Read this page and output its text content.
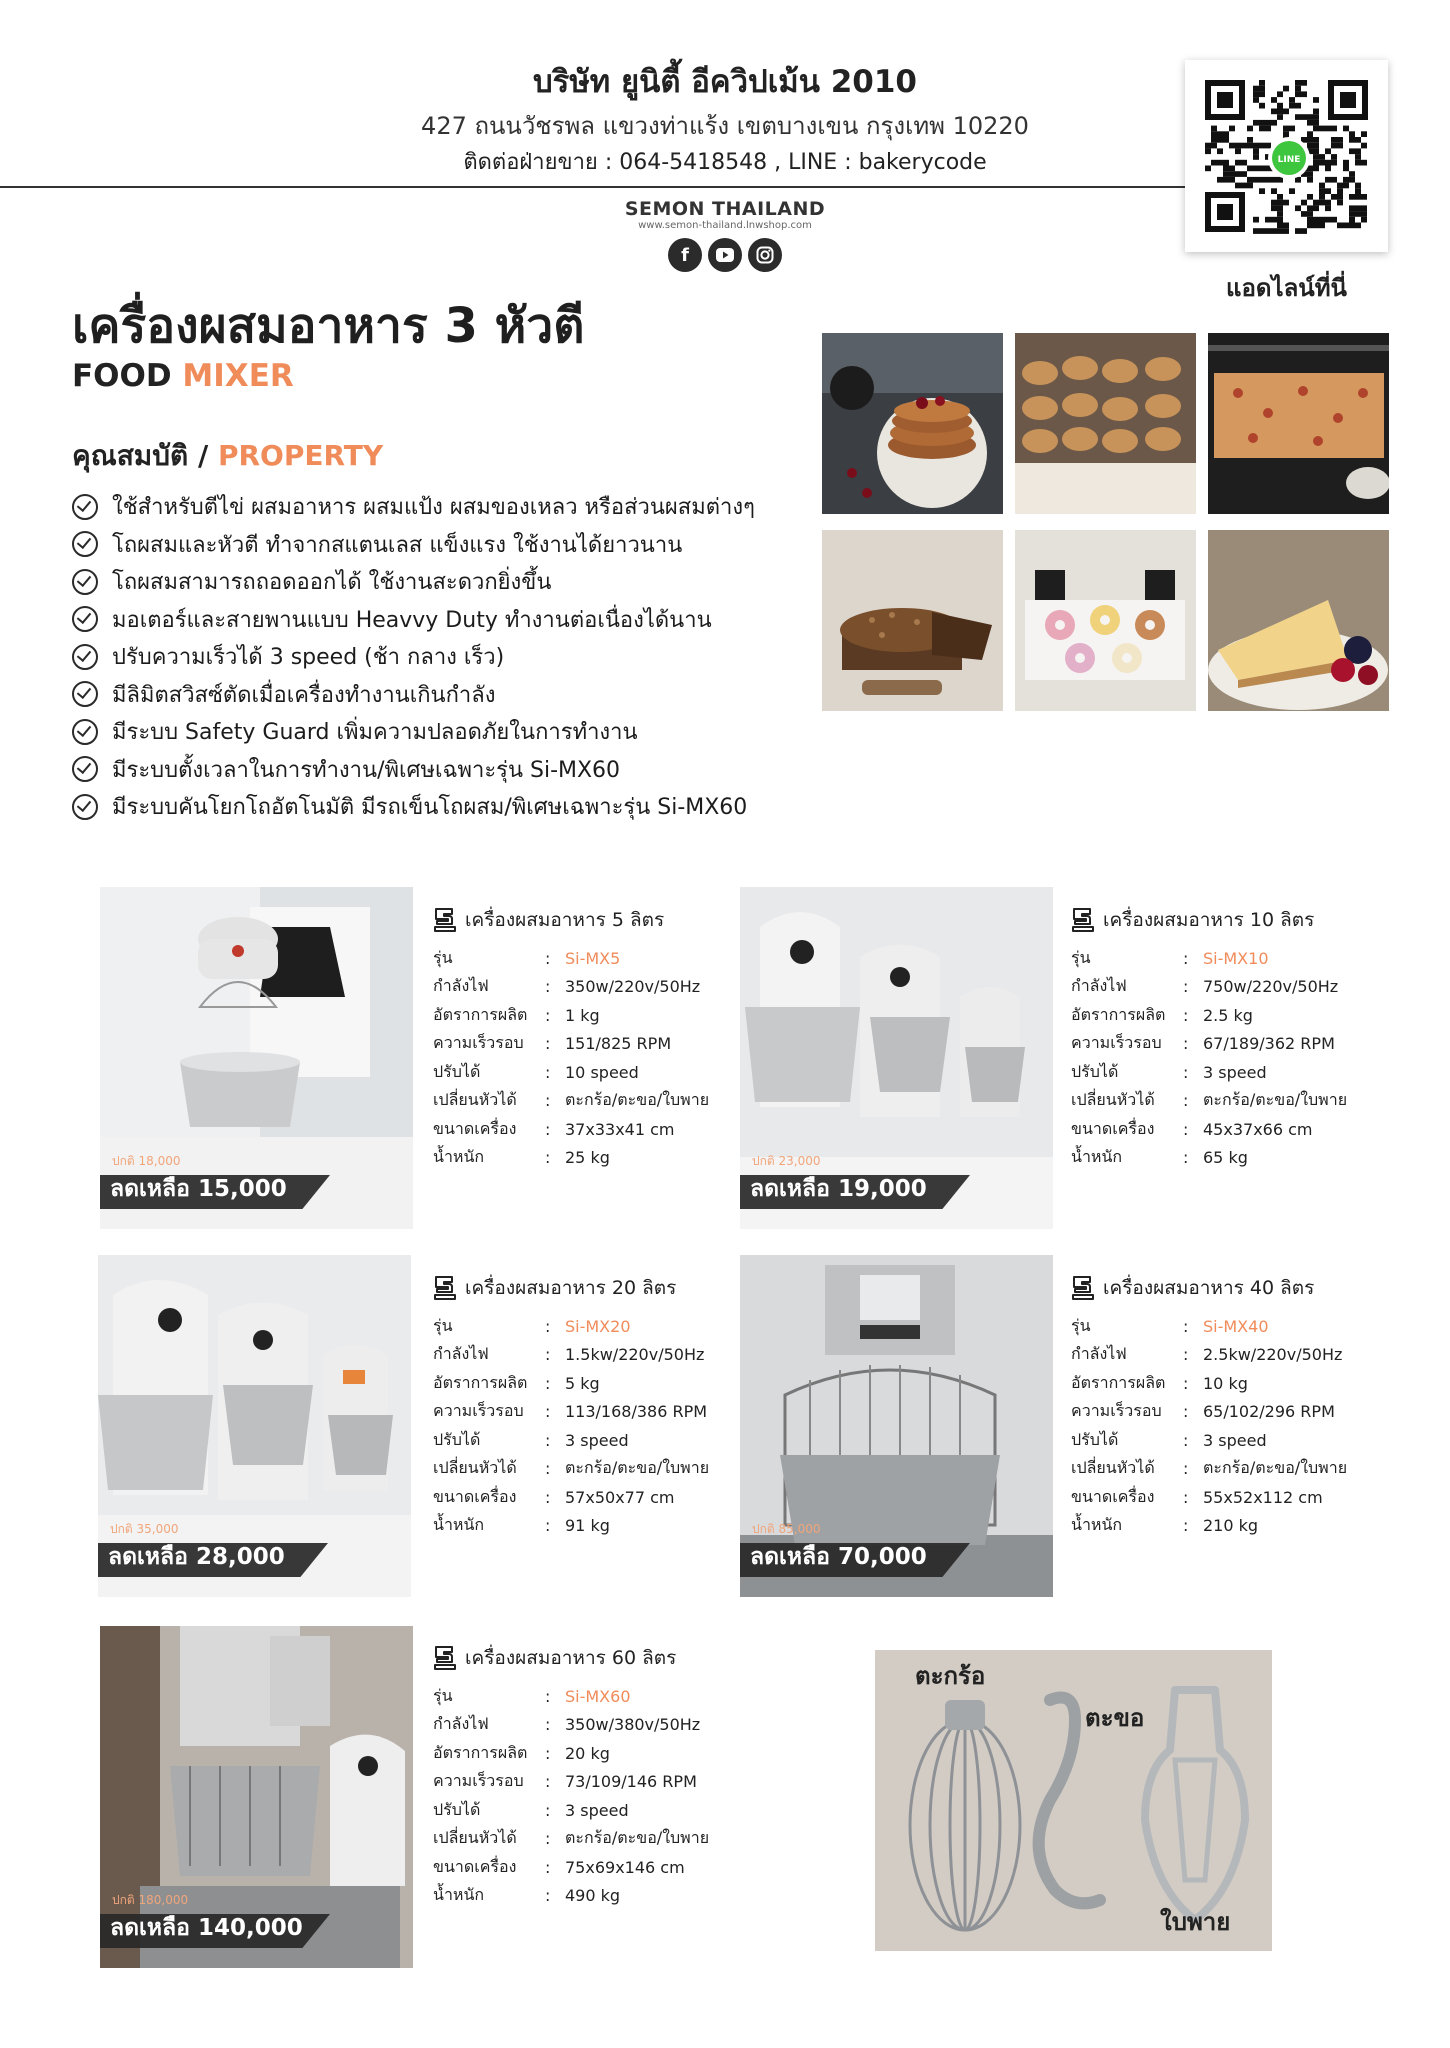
บริษัท ยูนิตี้ อีควิปเม้น 2010
427 ถนนวัชรพล แขวงท่าแร้ง เขตบางเขน กรุงเทพ 10220
ติดต่อฝ่ายขาย : 064-5418548 , LINE : bakerycode
SEMON THAILAND
www.semon-thailand.lnwshop.com
f
LINE
แอดไลน์ที่นี่
เครื่องผสมอาหาร 3 หัวตี
FOOD MIXER
คุณสมบัติ / PROPERTY
ใช้สำหรับตีไข่ ผสมอาหาร ผสมแป้ง ผสมของเหลว หรือส่วนผสมต่างๆ
โถผสมและหัวตี ทำจากสแตนเลส แข็งแรง ใช้งานได้ยาวนาน
โถผสมสามารถถอดออกได้ ใช้งานสะดวกยิ่งขึ้น
มอเตอร์และสายพานแบบ Heavvy Duty ทำงานต่อเนื่องได้นาน
ปรับความเร็วได้ 3 speed (ช้า กลาง เร็ว)
มีลิมิตสวิสซ์ตัดเมื่อเครื่องทำงานเกินกำลัง
มีระบบ Safety Guard เพิ่มความปลอดภัยในการทำงาน
มีระบบตั้งเวลาในการทำงาน/พิเศษเฉพาะรุ่น Si-MX60
มีระบบคันโยกโถอัตโนมัติ มีรถเข็นโถผสม/พิเศษเฉพาะรุ่น Si-MX60
ปกติ 18,000
ลดเหลือ 15,000
เครื่องผสมอาหาร 5 ลิตร
รุ่น	: Si-MX5
กำลังไฟ	: 350w/220v/50Hz
อัตราการผลิต	: 1 kg
ความเร็วรอบ	: 151/825 RPM
ปรับได้	: 10 speed
เปลี่ยนหัวได้	: ตะกร้อ/ตะขอ/ใบพาย
ขนาดเครื่อง	: 37x33x41 cm
น้ำหนัก	: 25 kg	ปกติ 23,000
ลดเหลือ 19,000
เครื่องผสมอาหาร 10 ลิตร
รุ่น	: Si-MX10
กำลังไฟ	: 750w/220v/50Hz
อัตราการผลิต	: 2.5 kg
ความเร็วรอบ	: 67/189/362 RPM
ปรับได้	: 3 speed
เปลี่ยนหัวได้	: ตะกร้อ/ตะขอ/ใบพาย
ขนาดเครื่อง	: 45x37x66 cm
น้ำหนัก	: 65 kg
ปกติ 35,000
ลดเหลือ 28,000
เครื่องผสมอาหาร 20 ลิตร
รุ่น	: Si-MX20
กำลังไฟ	: 1.5kw/220v/50Hz
อัตราการผลิต	: 5 kg
ความเร็วรอบ	: 113/168/386 RPM
ปรับได้	: 3 speed
เปลี่ยนหัวได้	: ตะกร้อ/ตะขอ/ใบพาย
ขนาดเครื่อง	: 57x50x77 cm
น้ำหนัก	: 91 kg	ปกติ 85,000
ลดเหลือ 70,000
เครื่องผสมอาหาร 40 ลิตร
รุ่น	: Si-MX40
กำลังไฟ	: 2.5kw/220v/50Hz
อัตราการผลิต	: 10 kg
ความเร็วรอบ	: 65/102/296 RPM
ปรับได้	: 3 speed
เปลี่ยนหัวได้	: ตะกร้อ/ตะขอ/ใบพาย
ขนาดเครื่อง	: 55x52x112 cm
น้ำหนัก	: 210 kg
ปกติ 180,000
ลดเหลือ 140,000
เครื่องผสมอาหาร 60 ลิตร
รุ่น	: Si-MX60
กำลังไฟ	: 350w/380v/50Hz
อัตราการผลิต	: 20 kg
ความเร็วรอบ	: 73/109/146 RPM
ปรับได้	: 3 speed
เปลี่ยนหัวได้	: ตะกร้อ/ตะขอ/ใบพาย
ขนาดเครื่อง	: 75x69x146 cm
น้ำหนัก	: 490 kg
ตะกร้อ
ตะขอ
ใบพาย
